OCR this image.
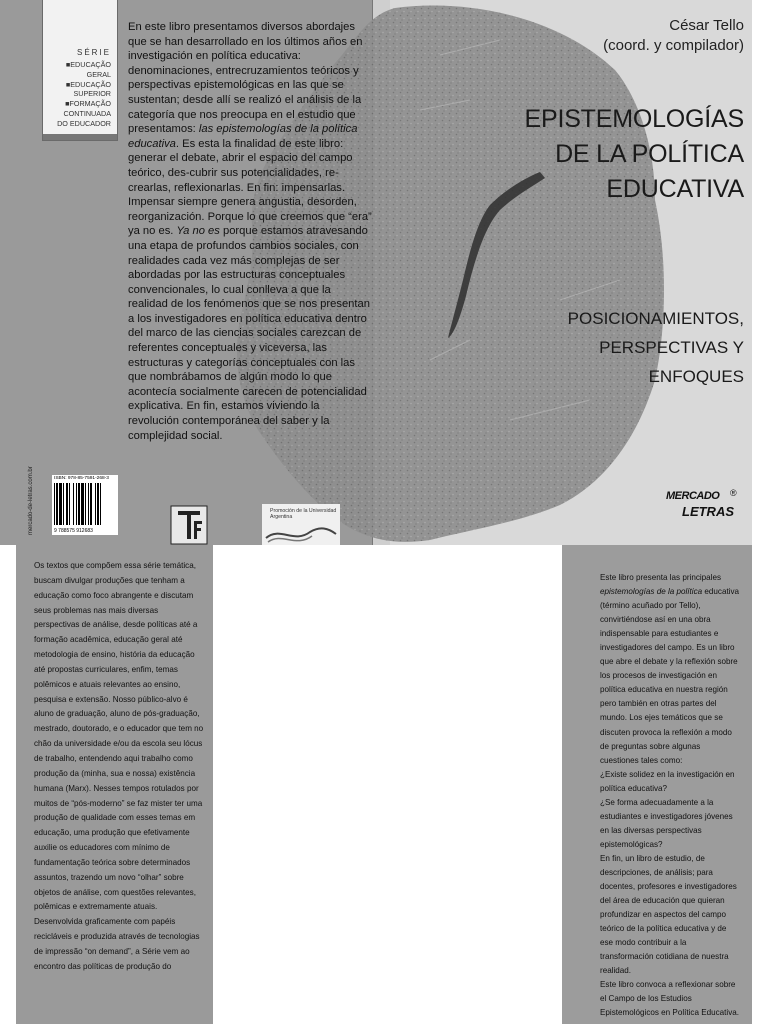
SÉRIE
■EDUCAÇÃO
GERAL
■EDUCAÇÃO
SUPERIOR
■FORMAÇÃO
CONTINUADA
DO EDUCADOR
En este libro presentamos diversos abordajes que se han desarrollado en los últimos años en investigación en política educativa: denominaciones, entrecruzamientos teóricos y perspectivas epistemológicas en las que se sustentan; desde allí se realizó el análisis de la categoría que nos preocupa en el estudio que presentamos: las epistemologías de la política educativa. Es esta la finalidad de este libro: generar el debate, abrir el espacio del campo teórico, des-cubrir sus potencialidades, re-crearlas, reflexionarlas. En fin: impensarlas. Impensar siempre genera angustia, desorden, reorganización. Porque lo que creemos que “era” ya no es. Ya no es porque estamos atravesando una etapa de profundos cambios sociales, con realidades cada vez más complejas de ser abordadas por las estructuras conceptuales convencionales, lo cual conlleva a que la realidad de los fenómenos que se nos presentan a los investigadores en política educativa dentro del marco de las ciencias sociales carezcan de referentes conceptuales y viceversa, las estructuras y categorías conceptuales con las que nombrábamos de algún modo lo que acontecía socialmente carecen de potencialidad explicativa. En fin, estamos viviendo la revolución contemporánea del saber y la complejidad social.
mercado-de-letras.com.br	ISBN: 978-85-7591-268-3
9 788575 912683
Promoción de la Universidad Argentina
César Tello
(coord. y compilador)
EPISTEMOLOGÍAS
DE LA POLÍTICA
EDUCATIVA
POSICIONAMIENTOS,
PERSPECTIVAS Y
ENFOQUES
MERCADO
LETRAS
®
Os textos que compõem essa série temática, buscam divulgar produções que tenham a educação como foco abrangente e discutam seus problemas nas mais diversas perspectivas de análise, desde políticas até a formação acadêmica, educação geral até metodologia de ensino, história da educação até propostas curriculares, enfim, temas polêmicos e atuais relevantes ao ensino, pesquisa e extensão. Nosso público-alvo é aluno de graduação, aluno de pós-graduação, mestrado, doutorado, e o educador que tem no chão da universidade e/ou da escola seu lócus de trabalho, entendendo aqui trabalho como produção da (minha, sua e nossa) existência humana (Marx). Nesses tempos rotulados por muitos de “pós-moderno” se faz mister ter uma produção de qualidade com esses temas em educação, uma produção que efetivamente auxilie os educadores com mínimo de fundamentação teórica sobre determinados assuntos, trazendo um novo “olhar” sobre objetos de análise, com questões relevantes, polêmicas e extremamente atuais. Desenvolvida graficamente com papéis recicláveis e produzida através de tecnologias de impressão “on demand”, a Série vem ao encontro das políticas de produção do
Este libro presenta las principales epistemologías de la política educativa (término acuñado por Tello), convirtiéndose así en una obra indispensable para estudiantes e investigadores del campo. Es un libro que abre el debate y la reflexión sobre los procesos de investigación en política educativa en nuestra región pero también en otras partes del mundo. Los ejes temáticos que se discuten provoca la reflexión a modo de preguntas sobre algunas cuestiones tales como:
¿Existe solidez en la investigación en política educativa?
¿Se forma adecuadamente a la estudiantes e investigadores jóvenes en las diversas perspectivas epistemológicas?
En fin, un libro de estudio, de descripciones, de análisis; para docentes, profesores e investigadores del área de educación que quieran profundizar en aspectos del campo teórico de la política educativa y de ese modo contribuir a la transformación cotidiana de nuestra realidad.
Este libro convoca a reflexionar sobre el Campo de los Estudios Epistemológicos en Política Educativa.
